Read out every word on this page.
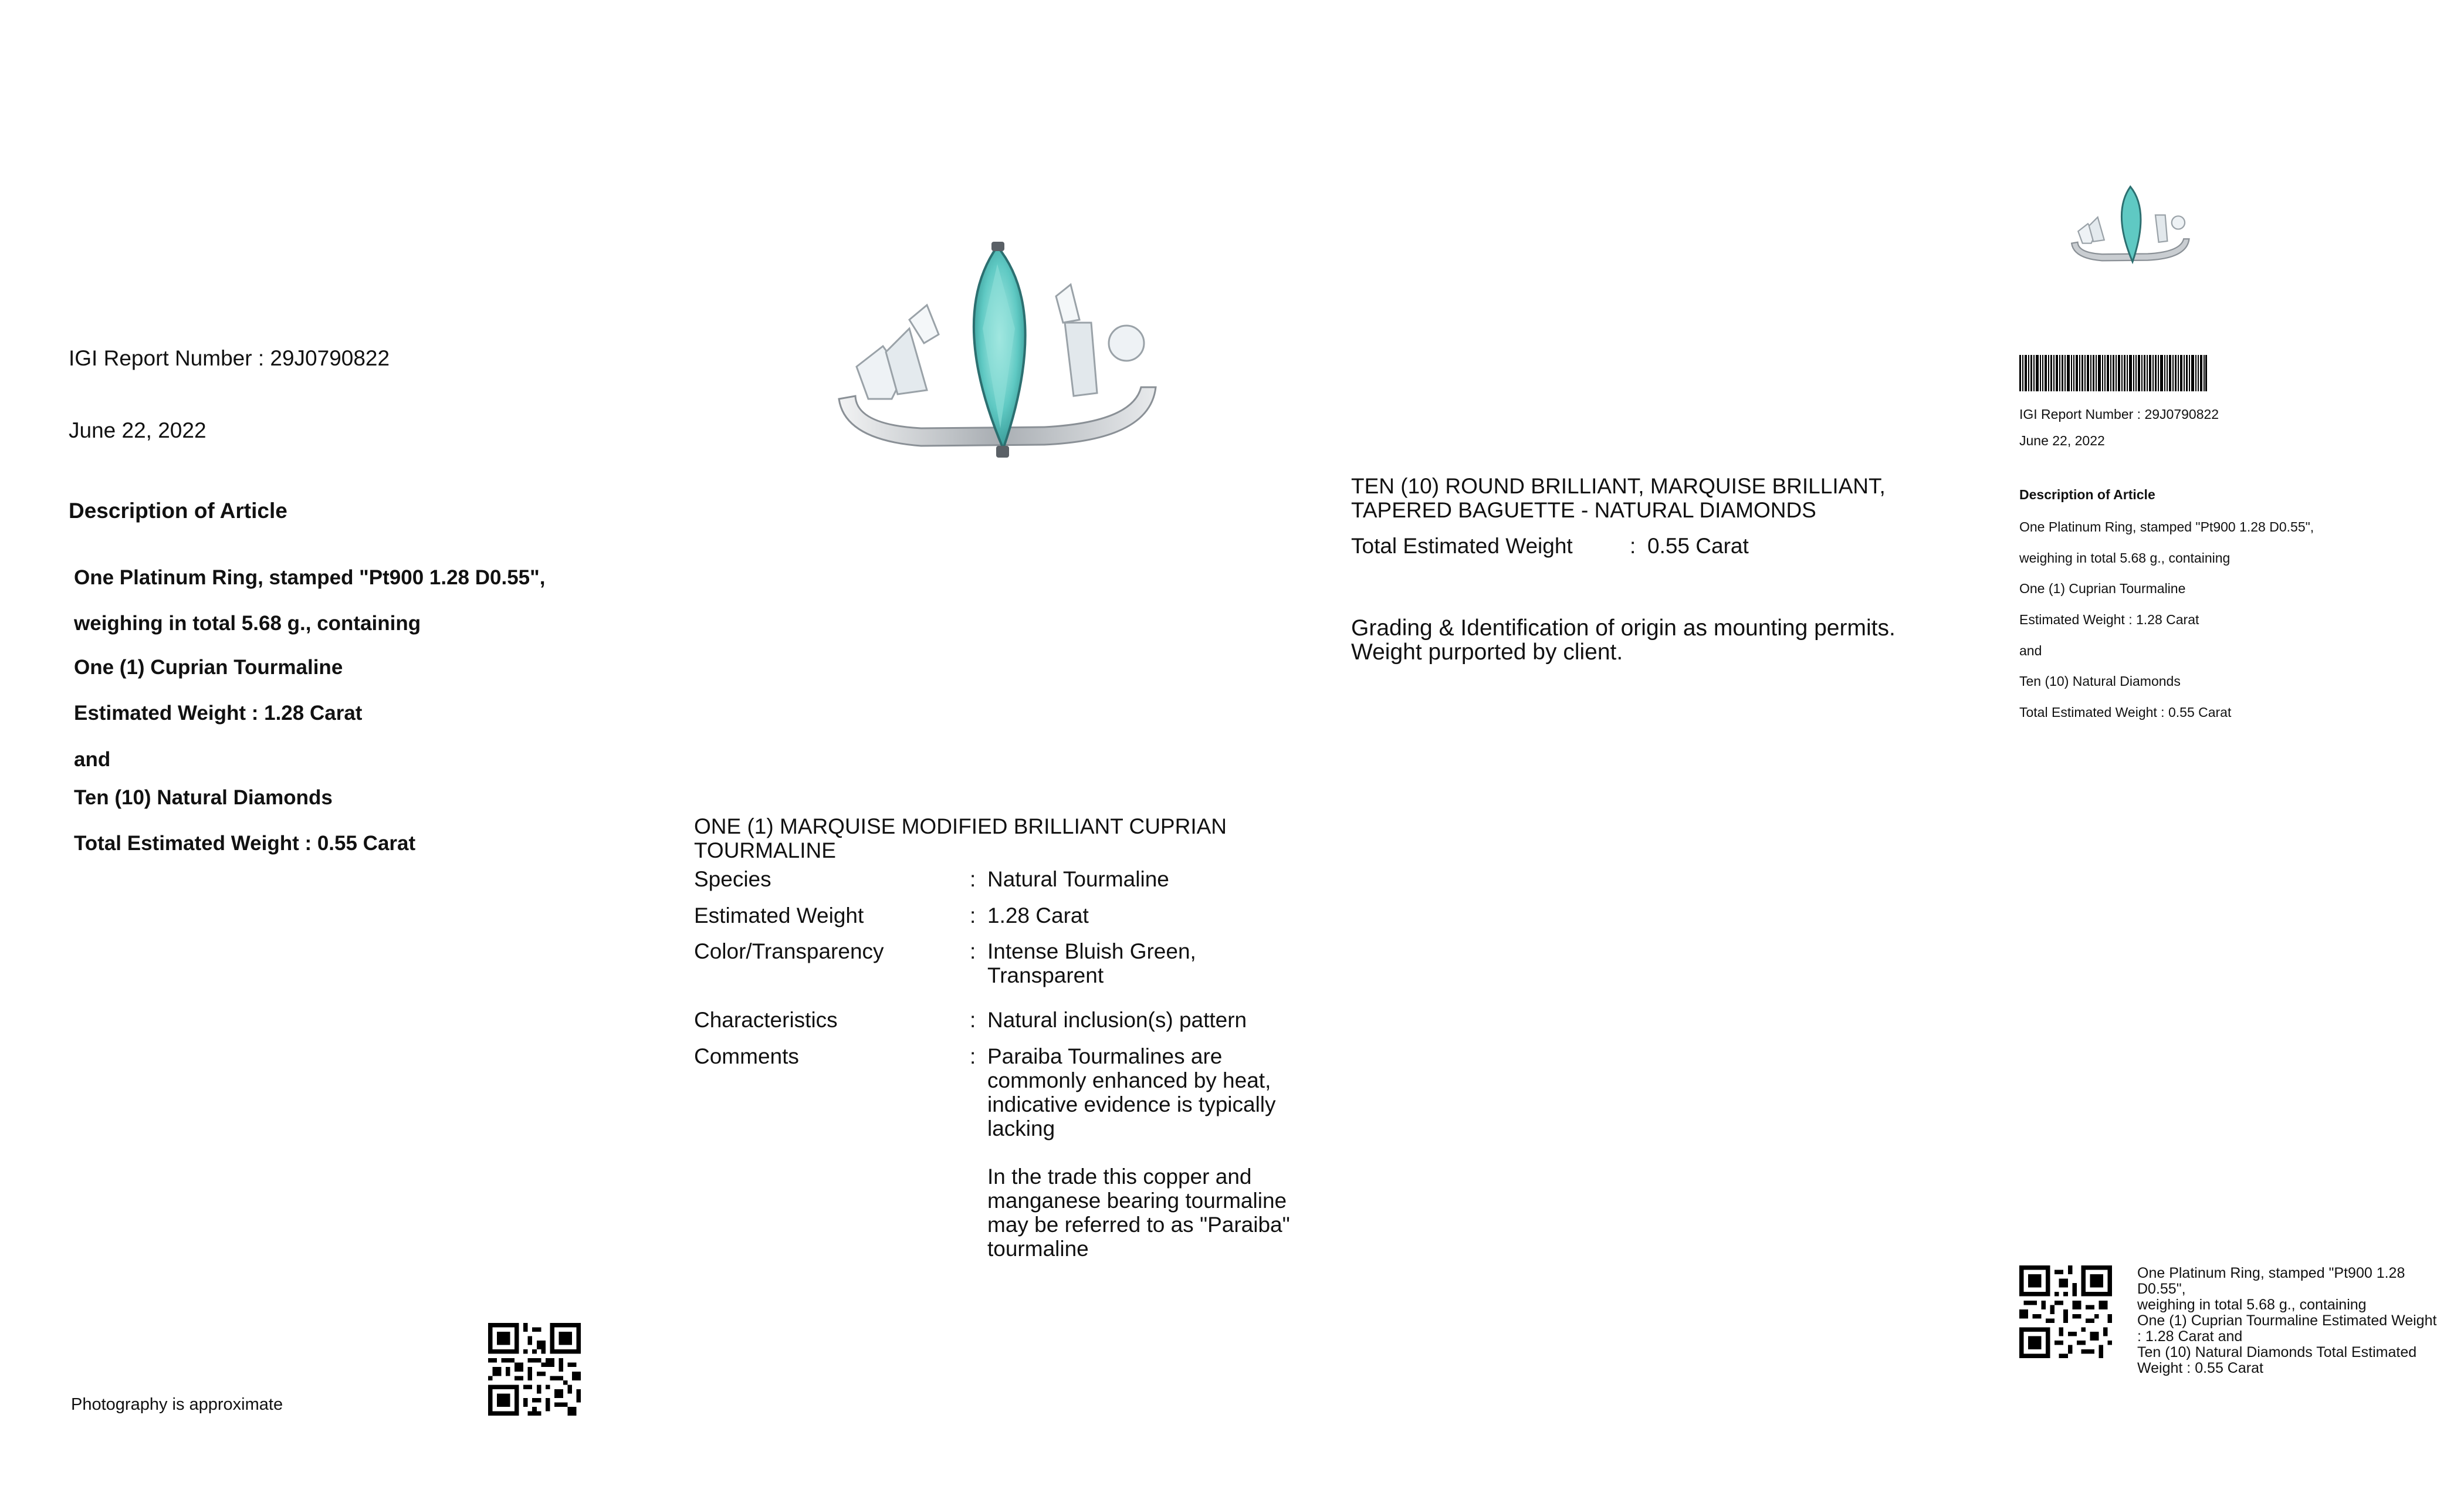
IGI Report Number : 29J0790822
June 22, 2022
Description of Article
One Platinum Ring, stamped "Pt900 1.28 D0.55",
weighing in total 5.68 g., containing
One (1) Cuprian Tourmaline
Estimated Weight : 1.28 Carat
and
Ten (10) Natural Diamonds
Total Estimated Weight : 0.55 Carat
Photography is approximate
ONE (1) MARQUISE MODIFIED BRILLIANT CUPRIAN TOURMALINE
Species	: Natural Tourmaline
Estimated Weight	: 1.28 Carat
Color/Transparency	: Intense Bluish Green, Transparent
Characteristics	: Natural inclusion(s) pattern
Comments	: Paraiba Tourmalines are commonly enhanced by heat, indicative evidence is typically lacking
In the trade this copper and manganese bearing tourmaline may be referred to as "Paraiba" tourmaline
TEN (10) ROUND BRILLIANT, MARQUISE BRILLIANT, TAPERED BAGUETTE - NATURAL DIAMONDS
Total Estimated Weight	: 0.55 Carat
Grading & Identification of origin as mounting permits.
Weight purported by client.
IGI Report Number : 29J0790822
June 22, 2022
Description of Article
One Platinum Ring, stamped "Pt900 1.28 D0.55",
weighing in total 5.68 g., containing
One (1) Cuprian Tourmaline
Estimated Weight : 1.28 Carat
and
Ten (10) Natural Diamonds
Total Estimated Weight : 0.55 Carat
One Platinum Ring, stamped "Pt900 1.28
D0.55",
weighing in total 5.68 g., containing
One (1) Cuprian Tourmaline Estimated Weight
: 1.28 Carat and
Ten (10) Natural Diamonds Total Estimated
Weight : 0.55 Carat
